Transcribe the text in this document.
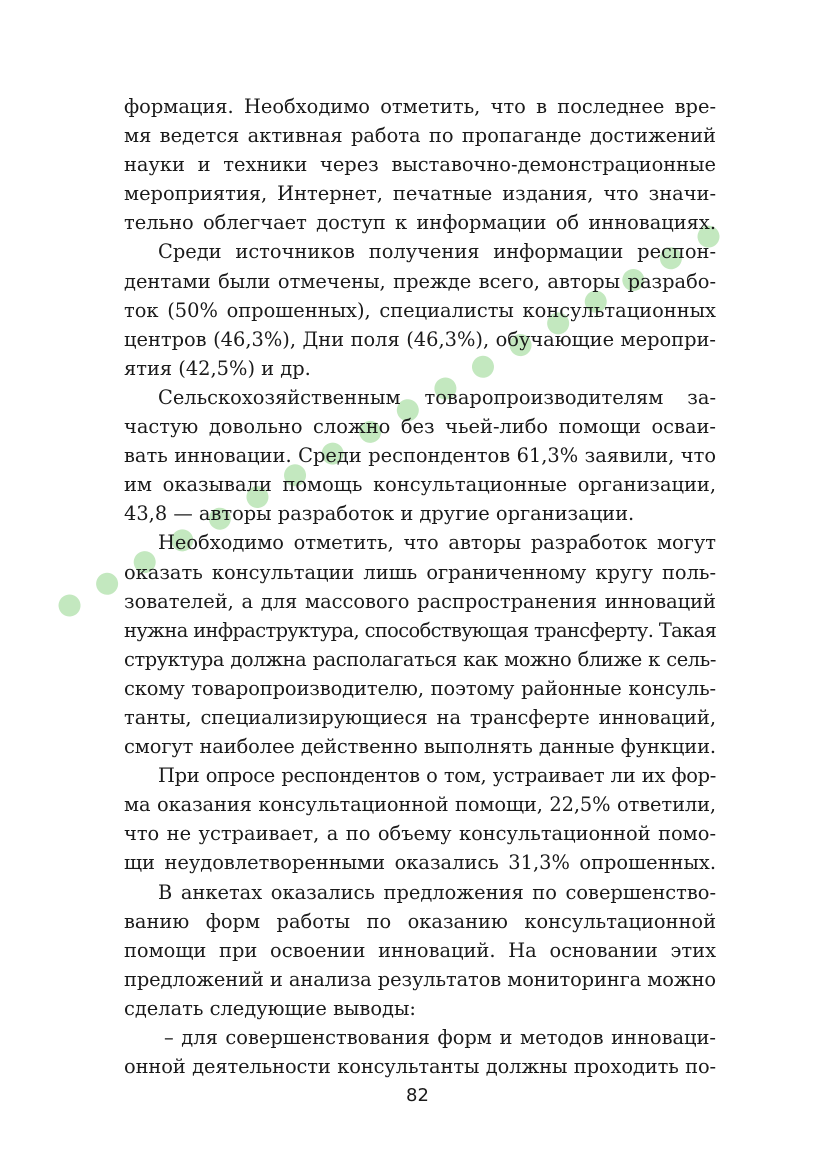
формация. Необходимо отметить, что в последнее вре-
мя ведется активная работа по пропаганде достижений
науки и техники через выставочно-демонстрационные
мероприятия, Интернет, печатные издания, что значи-
тельно облегчает доступ к информации об инновациях.
Среди источников получения информации респон-
дентами были отмечены, прежде всего, авторы разрабо-
ток (50% опрошенных), специалисты консультационных
центров (46,3%), Дни поля (46,3%), обучающие меропри-
ятия (42,5%) и др.
Сельскохозяйственным товаропроизводителям за-
частую довольно сложно без чьей-либо помощи осваи-
вать инновации. Среди респондентов 61,3% заявили, что
им оказывали помощь консультационные организации,
43,8 — авторы разработок и другие организации.
Необходимо отметить, что авторы разработок могут
оказать консультации лишь ограниченному кругу поль-
зователей, а для массового распространения инноваций
нужна инфраструктура, способствующая трансферту. Такая
структура должна располагаться как можно ближе к сель-
скому товаропроизводителю, поэтому районные консуль-
танты, специализирующиеся на трансферте инноваций,
смогут наиболее действенно выполнять данные функции.
При опросе респондентов о том, устраивает ли их фор-
ма оказания консультационной помощи, 22,5% ответили,
что не устраивает, а по объему консультационной помо-
щи неудовлетворенными оказались 31,3% опрошенных.
В анкетах оказались предложения по совершенство-
ванию форм работы по оказанию консультационной
помощи при освоении инноваций. На основании этих
предложений и анализа результатов мониторинга можно
сделать следующие выводы:
– для совершенствования форм и методов инноваци-
онной деятельности консультанты должны проходить по-
82
